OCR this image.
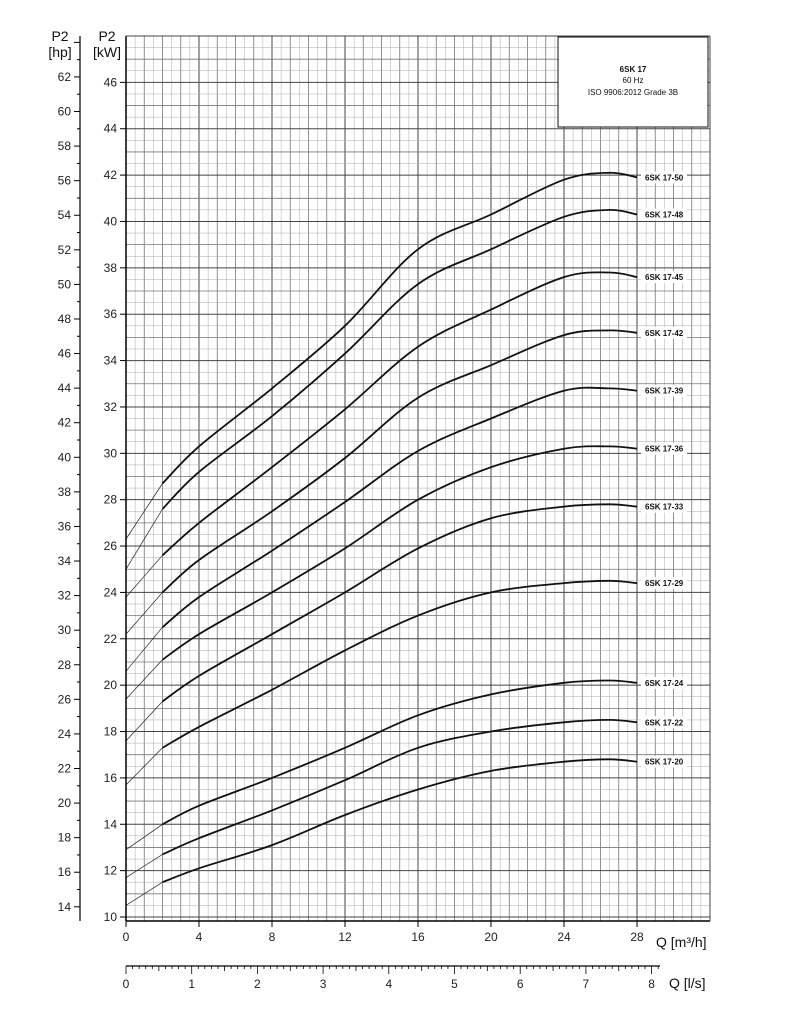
6SK 17-50
6SK 17-48
6SK 17-45
6SK 17-42
6SK 17-39
6SK 17-36
6SK 17-33
6SK 17-29
6SK 17-24
6SK 17-22
6SK 17-20
0	4	8	12	16	20	24	28
10
12
14
16
18
20
22
24
26
28
30
32
34
36
38
40
42
44
46
14
16
18
20
22
24
26
28
30
32
34
36
38
40
42
44
46
48
50
52
54
56
58
60
62
0	1	2	3	4	5	6	7	8
6SK 17
60 Hz
ISO 9906:2012 Grade 3B
P2
[kW]
P2
[hp]
Q [m³/h]
Q [l/s]
